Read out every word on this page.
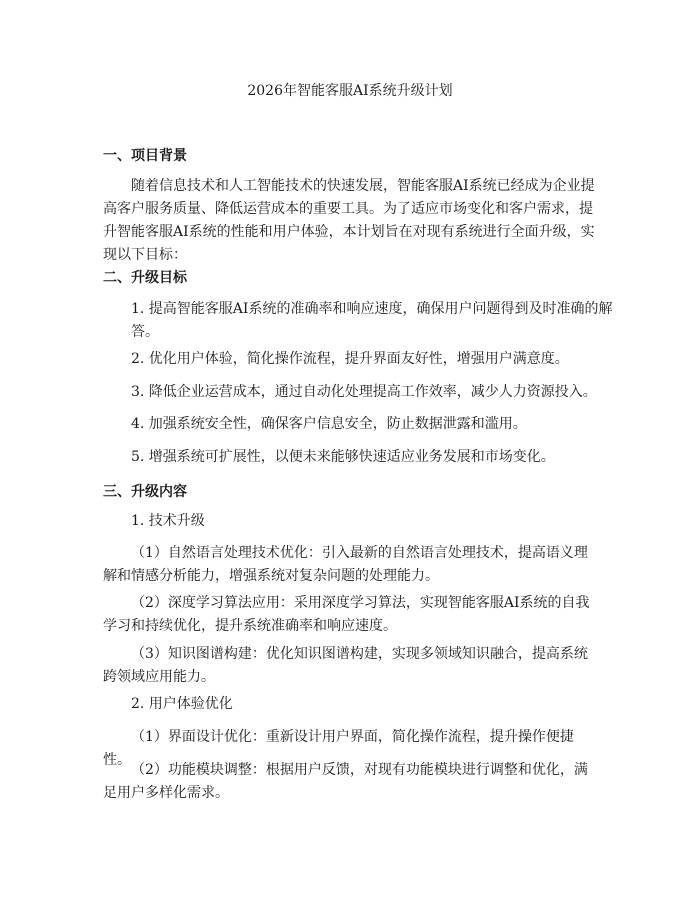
2026年智能客服AI系统升级计划

一、项目背景

随着信息技术和人工智能技术的快速发展，智能客服AI系统已经成为企业提高客户服务质量、降低运营成本的重要工具。为了适应市场变化和客户需求，提升智能客服AI系统的性能和用户体验，本计划旨在对现有系统进行全面升级，实现以下目标：

二、升级目标

1. 提高智能客服AI系统的准确率和响应速度，确保用户问题得到及时准确的解答。

2. 优化用户体验，简化操作流程，提升界面友好性，增强用户满意度。

3. 降低企业运营成本，通过自动化处理提高工作效率，减少人力资源投入。

4. 加强系统安全性，确保客户信息安全，防止数据泄露和滥用。

5. 增强系统可扩展性，以便未来能够快速适应业务发展和市场变化。

三、升级内容

1. 技术升级

（1）自然语言处理技术优化：引入最新的自然语言处理技术，提高语义理解和情感分析能力，增强系统对复杂问题的处理能力。

（2）深度学习算法应用：采用深度学习算法，实现智能客服AI系统的自我学习和持续优化，提升系统准确率和响应速度。

（3）知识图谱构建：优化知识图谱构建，实现多领域知识融合，提高系统跨领域应用能力。

2. 用户体验优化

（1）界面设计优化：重新设计用户界面，简化操作流程，提升操作便捷性。

（2）功能模块调整：根据用户反馈，对现有功能模块进行调整和优化，满足用户多样化需求。
